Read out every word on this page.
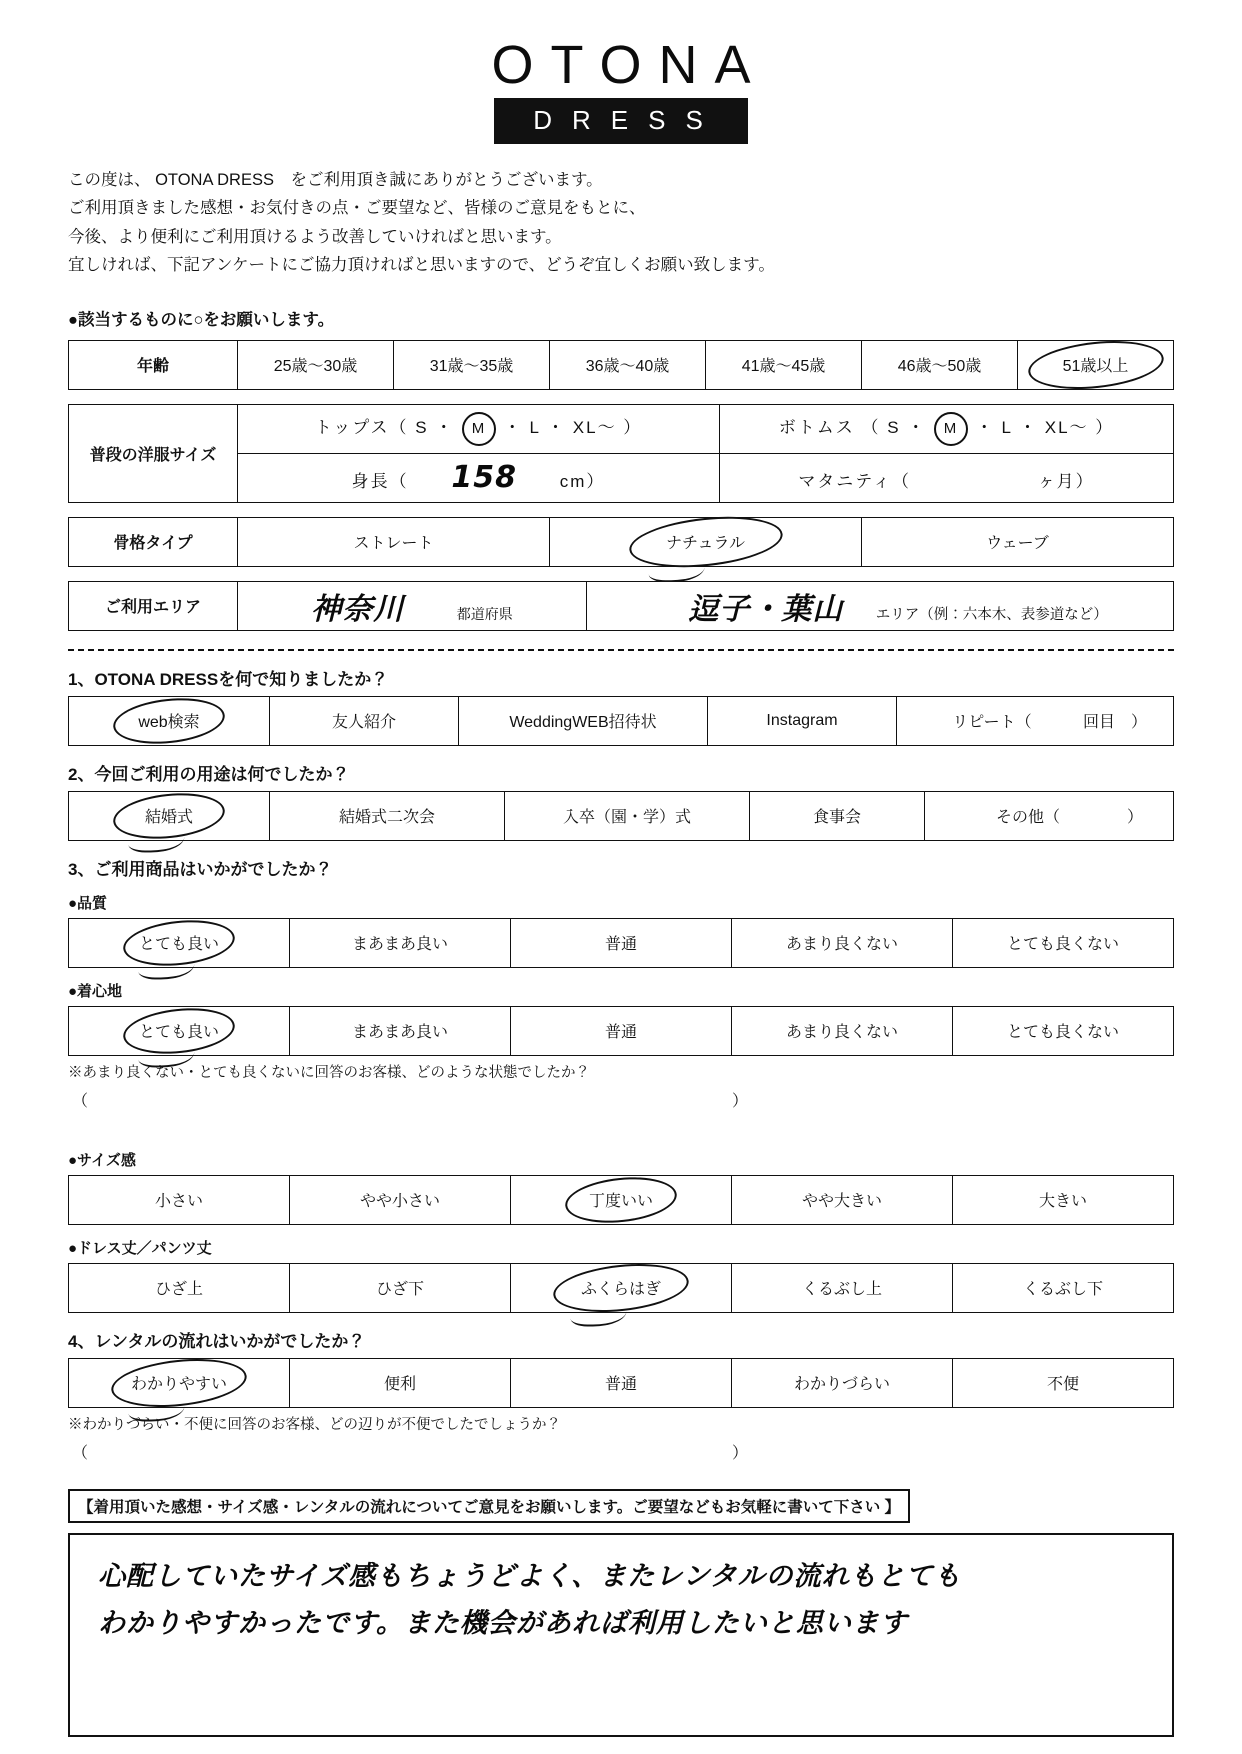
OTONA
DRESS
この度は、 OTONA DRESS　をご利用頂き誠にありがとうございます。
ご利用頂きました感想・お気付きの点・ご要望など、皆様のご意見をもとに、
今後、より便利にご利用頂けるよう改善していければと思います。
宜しければ、下記アンケートにご協力頂ければと思いますので、どうぞ宜しくお願い致します。
●該当するものに○をお願いします。
年齢	25歳〜30歳	31歳〜35歳	36歳〜40歳	41歳〜45歳	46歳〜50歳	51歳以上
普段の洋服サイズ	トップス（ S ・ M ・ L ・ XL〜 ）	ボトムス （ S ・ M ・ L ・ XL〜 ）
	身長（ 158 cm）	マタニティ（ ヶ月）
骨格タイプ	ストレート	ナチュラル	ウェーブ
ご利用エリア	神奈川	都道府県	逗子・葉山 エリア（例：六本木、表参道など）
1、OTONA DRESSを何で知りましたか？
web検索	友人紹介	WeddingWEB招待状	Instagram	リピート（	回目　）
2、今回ご利用の用途は何でしたか？
結婚式	結婚式二次会	入卒（園・学）式	食事会	その他（	）
3、ご利用商品はいかがでしたか？
●品質
とても良い	まあまあ良い	普通	あまり良くない	とても良くない
●着心地
とても良い	まあまあ良い	普通	あまり良くない	とても良くない
※あまり良くない・とても良くないに回答のお客様、どのような状態でしたか？
（	）
●サイズ感
小さい	やや小さい	丁度いい	やや大きい	大きい
●ドレス丈／パンツ丈
ひざ上	ひざ下	ふくらはぎ	くるぶし上	くるぶし下
4、レンタルの流れはいかがでしたか？
わかりやすい	便利	普通	わかりづらい	不便
※わかりづらい・不便に回答のお客様、どの辺りが不便でしたでしょうか？
（	）
【着用頂いた感想・サイズ感・レンタルの流れについてご意見をお願いします。ご要望などもお気軽に書いて下さい 】
心配していたサイズ感もちょうどよく、またレンタルの流れもとても
わかりやすかったです。また機会があれば利用したいと思います
